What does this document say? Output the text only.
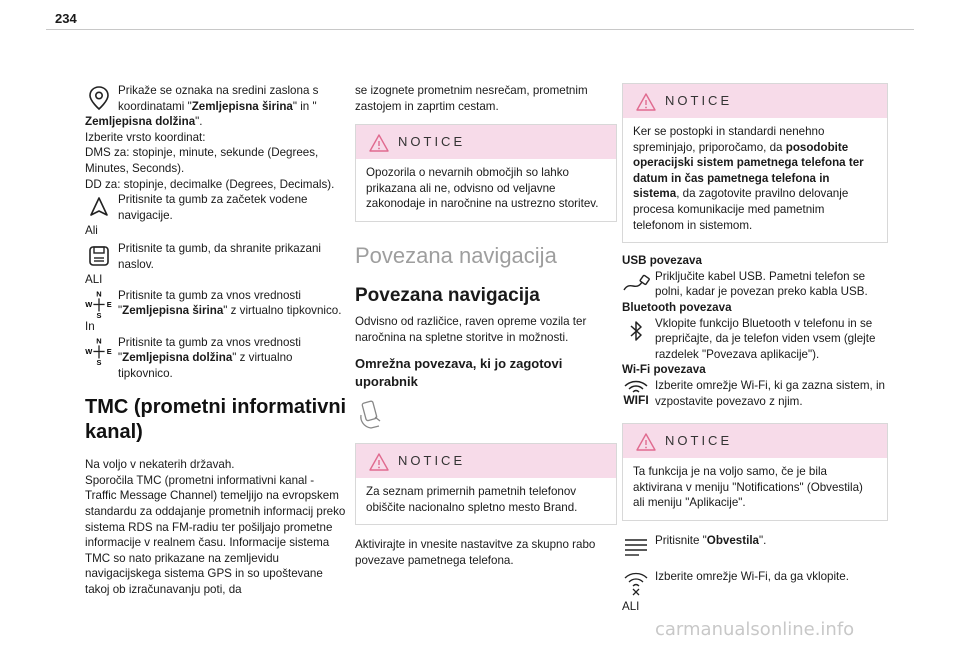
234
Prikaže se oznaka na sredini zaslona s koordinatami "Zemljepisna širina" in "
Zemljepisna dolžina".
Izberite vrsto koordinat:
DMS za: stopinje, minute, sekunde (Degrees, Minutes, Seconds).
DD za: stopinje, decimalke (Degrees, Decimals).
Pritisnite ta gumb za začetek vodene navigacije.
Ali
Pritisnite ta gumb, da shranite prikazani naslov.
ALI
N
S
W E
Pritisnite ta gumb za vnos vrednosti "Zemljepisna širina" z virtualno tipkovnico.
In
N
S
W E
Pritisnite ta gumb za vnos vrednosti "Zemljepisna dolžina" z virtualno tipkovnico.
TMC (prometni informativni kanal)
Na voljo v nekaterih državah.
Sporočila TMC (prometni informativni kanal - Traffic Message Channel) temeljijo na evropskem standardu za oddajanje prometnih informacij preko sistema RDS na FM-radiu ter pošiljajo prometne informacije v realnem času. Informacije sistema TMC so nato prikazane na zemljevidu navigacijskega sistema GPS in so upoštevane takoj ob izračunavanju poti, da
se izognete prometnim nesrečam, prometnim zastojem in zaprtim cestam.
NOTICE
Opozorila o nevarnih območjih so lahko prikazana ali ne, odvisno od veljavne zakonodaje in naročnine na ustrezno storitev.
Povezana navigacija
Povezana navigacija
Odvisno od različice, raven opreme vozila ter naročnina na spletne storitve in možnosti.
Omrežna povezava, ki jo zagotovi uporabnik
NOTICE
Za seznam primernih pametnih telefonov obiščite nacionalno spletno mesto Brand.
Aktivirajte in vnesite nastavitve za skupno rabo povezave pametnega telefona.
NOTICE
Ker se postopki in standardi nenehno spreminjajo, priporočamo, da posodobite operacijski sistem pametnega telefona ter datum in čas pametnega telefona in sistema, da zagotovite pravilno delovanje procesa komunikacije med pametnim telefonom in sistemom.
USB povezava
Priključite kabel USB. Pametni telefon se polni, kadar je povezan preko kabla USB.
Bluetooth povezava
Vklopite funkcijo Bluetooth v telefonu in se prepričajte, da je telefon viden vsem (glejte razdelek "Povezava aplikacije").
Wi-Fi povezava
WIFI
Izberite omrežje Wi-Fi, ki ga zazna sistem, in vzpostavite povezavo z njim.
NOTICE
Ta funkcija je na voljo samo, če je bila aktivirana v meniju "Notifications" (Obvestila) ali meniju "Aplikacije".
Pritisnite "Obvestila".
Izberite omrežje Wi-Fi, da ga vklopite.
ALI
carmanualsonline.info
